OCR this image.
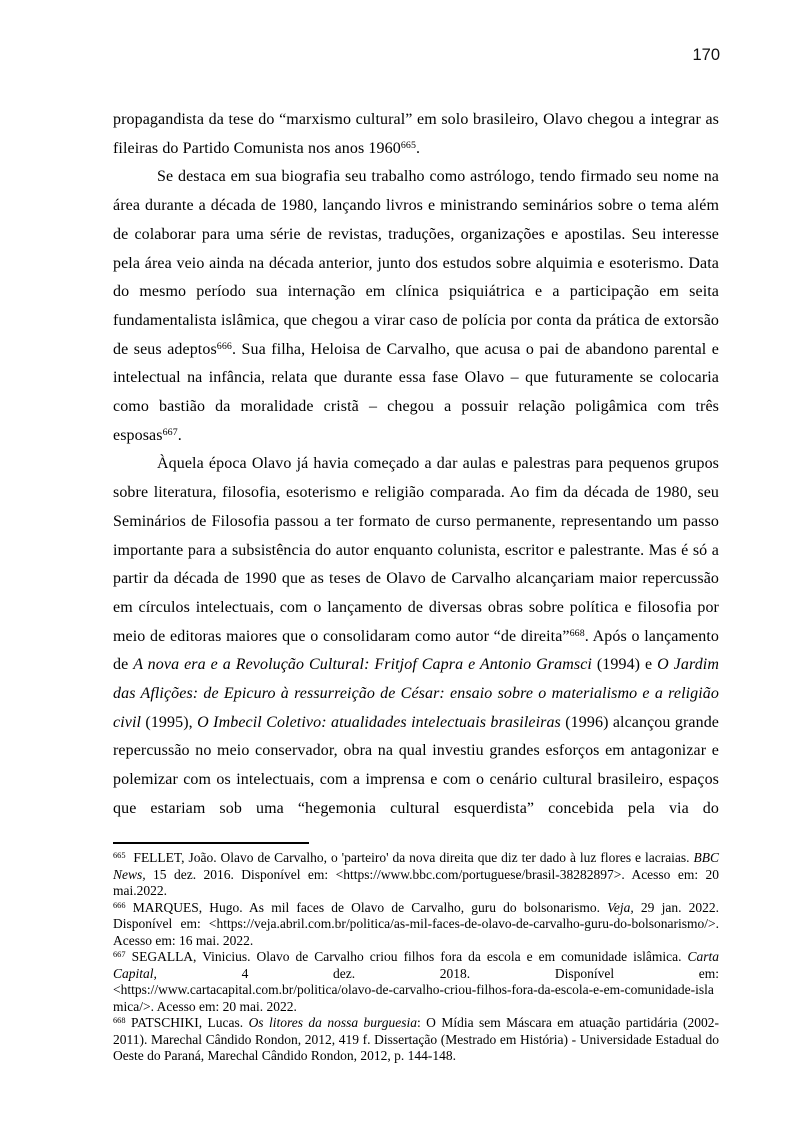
170

propagandista da tese do “marxismo cultural” em solo brasileiro, Olavo chegou a integrar as fileiras do Partido Comunista nos anos 1960$^{665}$.

Se destaca em sua biografia seu trabalho como astrólogo, tendo firmado seu nome na área durante a década de 1980, lançando livros e ministrando seminários sobre o tema além de colaborar para uma série de revistas, traduções, organizações e apostilas. Seu interesse pela área veio ainda na década anterior, junto dos estudos sobre alquimia e esoterismo. Data do mesmo período sua internação em clínica psiquiátrica e a participação em seita fundamentalista islâmica, que chegou a virar caso de polícia por conta da prática de extorsão de seus adeptos$^{666}$. Sua filha, Heloisa de Carvalho, que acusa o pai de abandono parental e intelectual na infância, relata que durante essa fase Olavo – que futuramente se colocaria como bastião da moralidade cristã – chegou a possuir relação poligâmica com três esposas$^{667}$.

Àquela época Olavo já havia começado a dar aulas e palestras para pequenos grupos sobre literatura, filosofia, esoterismo e religião comparada. Ao fim da década de 1980, seu Seminários de Filosofia passou a ter formato de curso permanente, representando um passo importante para a subsistência do autor enquanto colunista, escritor e palestrante. Mas é só a partir da década de 1990 que as teses de Olavo de Carvalho alcançariam maior repercussão em círculos intelectuais, com o lançamento de diversas obras sobre política e filosofia por meio de editoras maiores que o consolidaram como autor “de direita”$^{668}$. Após o lançamento de A nova era e a Revolução Cultural: Fritjof Capra e Antonio Gramsci (1994) e O Jardim das Aflições: de Epicuro à ressurreição de César: ensaio sobre o materialismo e a religião civil (1995), O Imbecil Coletivo: atualidades intelectuais brasileiras (1996) alcançou grande repercussão no meio conservador, obra na qual investiu grandes esforços em antagonizar e polemizar com os intelectuais, com a imprensa e com o cenário cultural brasileiro, espaços que estariam sob uma “hegemonia cultural esquerdista” concebida pela via do

$^{665}$  FELLET, João. Olavo de Carvalho, o 'parteiro' da nova direita que diz ter dado à luz flores e lacraias. BBC News, 15 dez. 2016. Disponível em: <https://www.bbc.com/portuguese/brasil-38282897>. Acesso em: 20 mai.2022.

$^{666}$ MARQUES, Hugo. As mil faces de Olavo de Carvalho, guru do bolsonarismo. Veja, 29 jan. 2022. Disponível em: <https://veja.abril.com.br/politica/as-mil-faces-de-olavo-de-carvalho-guru-do-bolsonarismo/>. Acesso em: 16 mai. 2022.

$^{667}$ SEGALLA, Vinicius. Olavo de Carvalho criou filhos fora da escola e em comunidade islâmica. Carta Capital, 4 dez. 2018. Disponível em: <https://www.cartacapital.com.br/politica/olavo-de-carvalho-criou-filhos-fora-da-escola-e-em-comunidade-islamica/>. Acesso em: 20 mai. 2022.

$^{668}$ PATSCHIKI, Lucas. Os litores da nossa burguesia: O Mídia sem Máscara em atuação partidária (2002-2011). Marechal Cândido Rondon, 2012, 419 f. Dissertação (Mestrado em História) - Universidade Estadual do Oeste do Paraná, Marechal Cândido Rondon, 2012, p. 144-148.
